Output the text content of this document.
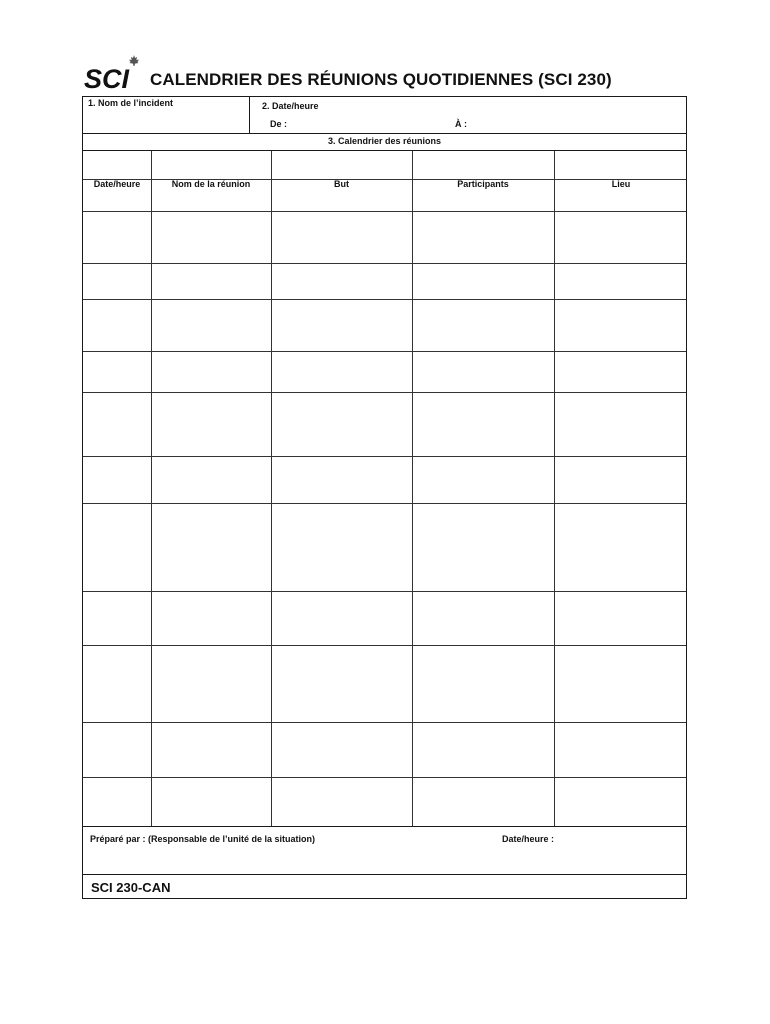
SCI CALENDRIER DES RÉUNIONS QUOTIDIENNES (SCI 230)
1. Nom de l’incident	2. Date/heure
De :	À :
3. Calendrier des réunions
Date/heure	Nom de la réunion	But	Participants	Lieu
Préparé par : (Responsable de l’unité de la situation)	Date/heure :
SCI 230-CAN
